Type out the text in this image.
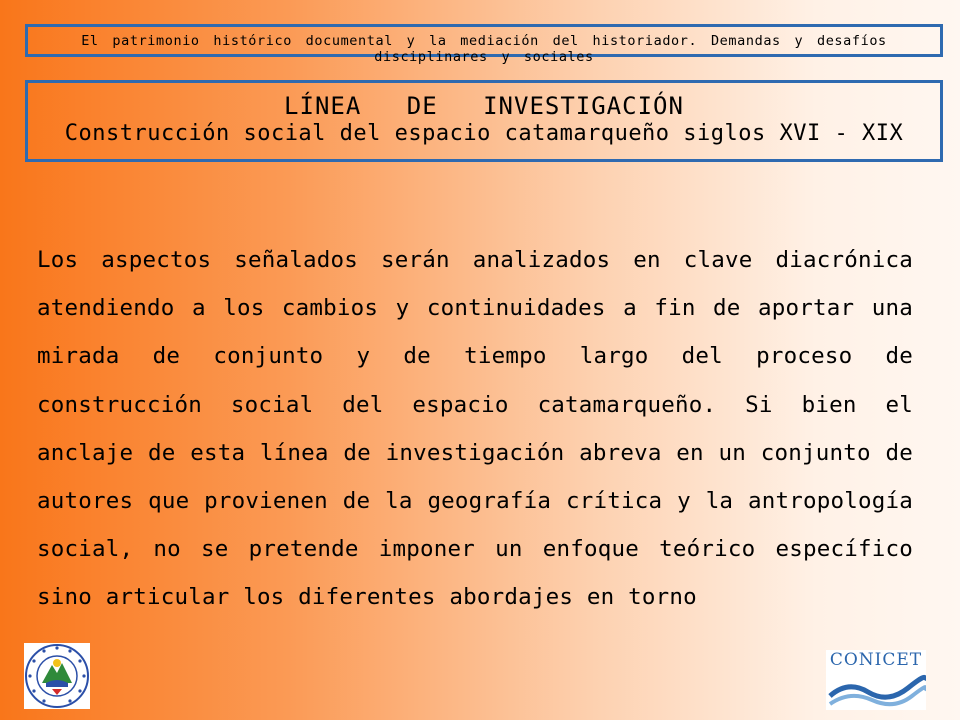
El patrimonio histórico documental y la mediación del historiador. Demandas y desafíos disciplinares y sociales
LÍNEA DE INVESTIGACIÓN
Construcción social del espacio catamarqueño siglos XVI - XIX
Los aspectos señalados serán analizados en clave diacrónica atendiendo a los cambios y continuidades a fin de aportar una mirada de conjunto y de tiempo largo del proceso de construcción social del espacio catamarqueño. Si bien el anclaje de esta línea de investigación abreva en un conjunto de autores que provienen de la geografía crítica y la antropología social, no se pretende imponer un enfoque teórico específico sino articular los diferentes abordajes en torno
CONICET
